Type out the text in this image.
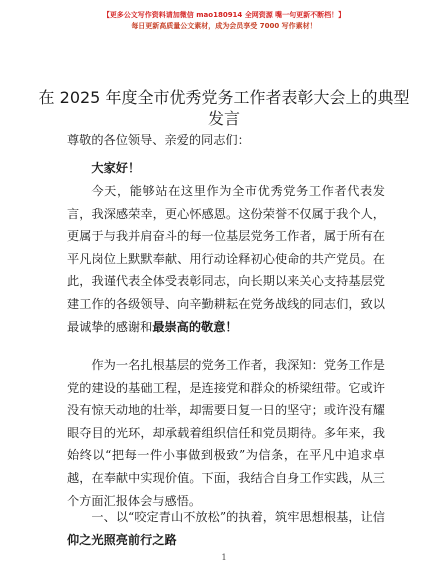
【更多公文写作资料请加微信 mao180914 全网资源 嘴一句更新不断档！】
每日更新高质量公文素材，成为会员享受 7000 写作素材！
在 2025 年度全市优秀党务工作者表彰大会上的典型发言

尊敬的各位领导、亲爱的同志们：

大家好！

今天，能够站在这里作为全市优秀党务工作者代表发言，我深感荣幸，更心怀感恩。这份荣誉不仅属于我个人，更属于与我并肩奋斗的每一位基层党务工作者，属于所有在平凡岗位上默默奉献、用行动诠释初心使命的共产党员。在此，我谨代表全体受表彰同志，向长期以来关心支持基层党建工作的各级领导、向辛勤耕耘在党务战线的同志们，致以最诚挚的感谢和最崇高的敬意！

作为一名扎根基层的党务工作者，我深知：党务工作是党的建设的基础工程，是连接党和群众的桥梁纽带。它或许没有惊天动地的壮举，却需要日复一日的坚守；或许没有耀眼夺目的光环，却承载着组织信任和党员期待。多年来，我始终以“把每一件小事做到极致”为信条，在平凡中追求卓越，在奉献中实现价值。下面，我结合自身工作实践，从三个方面汇报体会与感悟。

一、以“咬定青山不放松”的执着，筑牢思想根基，让信仰之光照亮前行之路

1
